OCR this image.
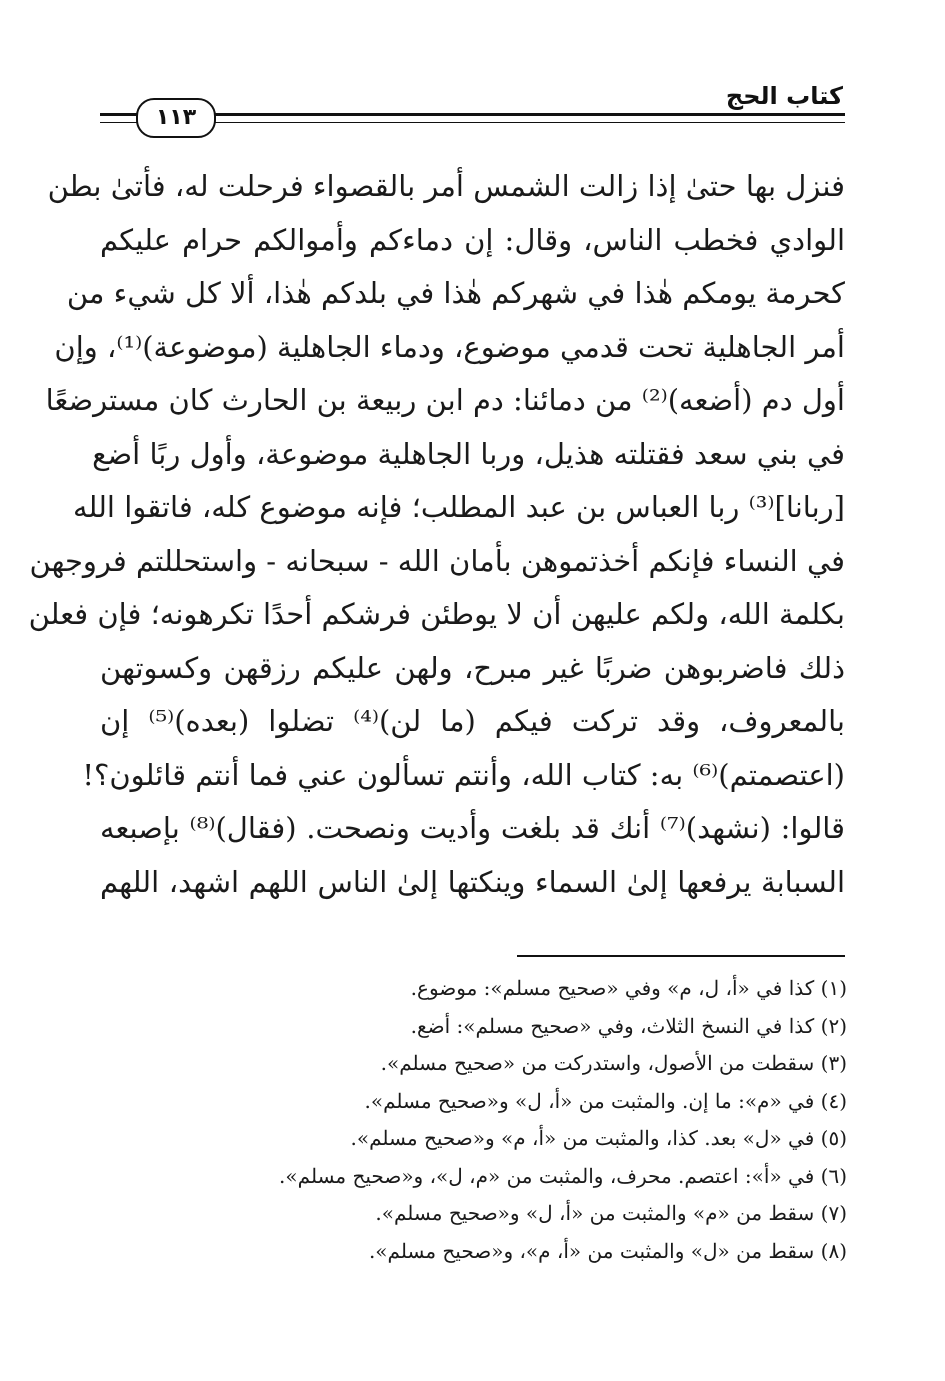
كتاب الحج
١١٣
فنزل بها حتىٰ إذا زالت الشمس أمر بالقصواء فرحلت له، فأتىٰ بطن
الوادي فخطب الناس، وقال: إن دماءكم وأموالكم حرام عليكم
كحرمة يومكم هٰذا في شهركم هٰذا في بلدكم هٰذا، ألا كل شيء من
أمر الجاهلية تحت قدمي موضوع، ودماء الجاهلية (موضوعة)⁽¹⁾، وإن
أول دم (أضعه)⁽²⁾ من دمائنا: دم ابن ربيعة بن الحارث كان مسترضعًا
في بني سعد فقتلته هذيل، وربا الجاهلية موضوعة، وأول ربًا أضع
[ربانا]⁽³⁾ ربا العباس بن عبد المطلب؛ فإنه موضوع كله، فاتقوا الله
في النساء فإنكم أخذتموهن بأمان الله - سبحانه - واستحللتم فروجهن
بكلمة الله، ولكم عليهن أن لا يوطئن فرشكم أحدًا تكرهونه؛ فإن فعلن
ذلك فاضربوهن ضربًا غير مبرح، ولهن عليكم رزقهن وكسوتهن
بالمعروف، وقد تركت فيكم (ما لن)⁽⁴⁾ تضلوا (بعده)⁽⁵⁾ إن
(اعتصمتم)⁽⁶⁾ به: كتاب الله، وأنتم تسألون عني فما أنتم قائلون؟!
قالوا: (نشهد)⁽⁷⁾ أنك قد بلغت وأديت ونصحت. (فقال)⁽⁸⁾ بإصبعه
السبابة يرفعها إلىٰ السماء وينكتها إلىٰ الناس اللهم اشهد، اللهم
(١) كذا في «أ، ل، م» وفي «صحيح مسلم»: موضوع.
(٢) كذا في النسخ الثلاث، وفي «صحيح مسلم»: أضع.
(٣) سقطت من الأصول، واستدركت من «صحيح مسلم».
(٤) في «م»: ما إن. والمثبت من «أ، ل» و«صحيح مسلم».
(٥) في «ل» بعد. كذا، والمثبت من «أ، م» و«صحيح مسلم».
(٦) في «أ»: اعتصم. محرف، والمثبت من «م، ل»، و«صحيح مسلم».
(٧) سقط من «م» والمثبت من «أ، ل» و«صحيح مسلم».
(٨) سقط من «ل» والمثبت من «أ، م»، و«صحيح مسلم».
